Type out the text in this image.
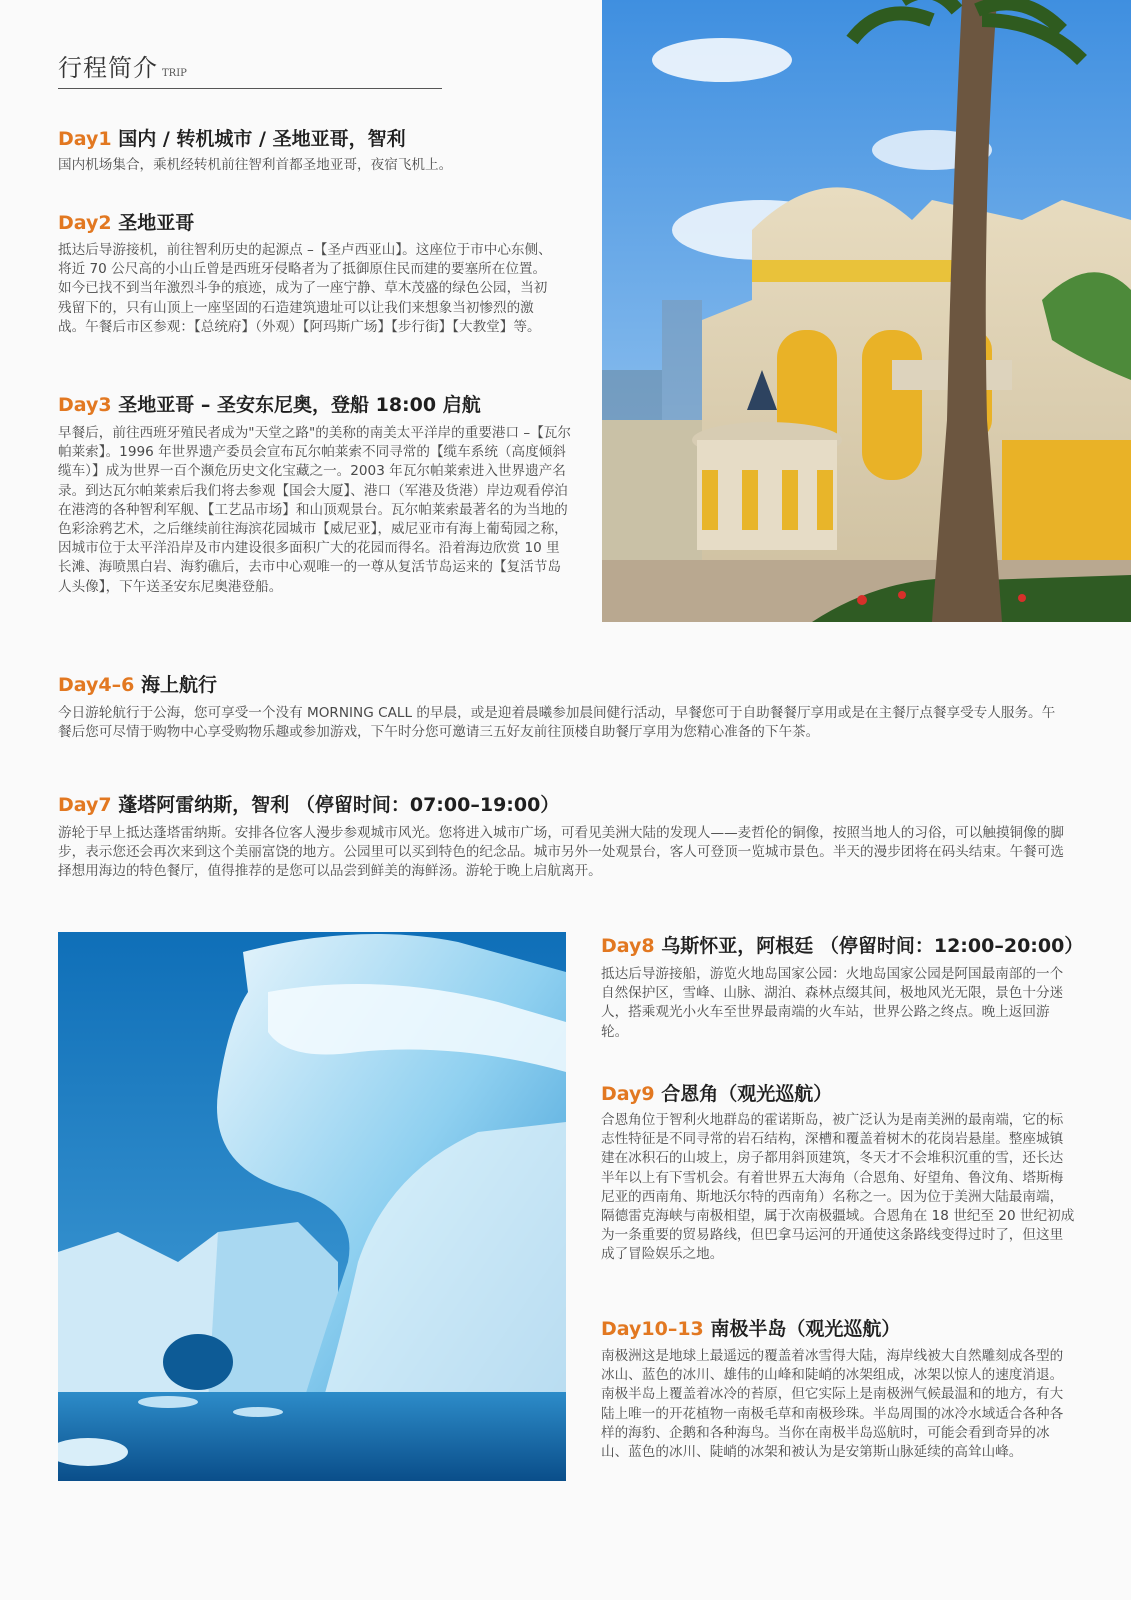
行程简介 TRIP
Day1 国内 / 转机城市 / 圣地亚哥，智利
国内机场集合，乘机经转机前往智利首都圣地亚哥，夜宿飞机上。
Day2 圣地亚哥
抵达后导游接机，前往智利历史的起源点 –【圣卢西亚山】。这座位于市中心东侧、将近 70 公尺高的小山丘曾是西班牙侵略者为了抵御原住民而建的要塞所在位置。如今已找不到当年激烈斗争的痕迹，成为了一座宁静、草木茂盛的绿色公园，当初残留下的，只有山顶上一座坚固的石造建筑遗址可以让我们来想象当初惨烈的激战。午餐后市区参观：【总统府】（外观）【阿玛斯广场】【步行街】【大教堂】等。
Day3 圣地亚哥 – 圣安东尼奥，登船 18:00 启航
早餐后，前往西班牙殖民者成为"天堂之路"的美称的南美太平洋岸的重要港口 –【瓦尔帕莱索】。1996 年世界遗产委员会宣布瓦尔帕莱索不同寻常的【缆车系统（高度倾斜缆车）】成为世界一百个濒危历史文化宝藏之一。2003 年瓦尔帕莱索进入世界遗产名录。到达瓦尔帕莱索后我们将去参观【国会大厦】、港口（军港及货港）岸边观看停泊在港湾的各种智利军舰、【工艺品市场】和山顶观景台。瓦尔帕莱索最著名的为当地的色彩涂鸦艺术，之后继续前往海滨花园城市【威尼亚】，威尼亚市有海上葡萄园之称，因城市位于太平洋沿岸及市内建设很多面积广大的花园而得名。沿着海边欣赏 10 里长滩、海喷黑白岩、海豹礁后，去市中心观唯一的一尊从复活节岛运来的【复活节岛人头像】，下午送圣安东尼奥港登船。
Day4–6 海上航行
今日游轮航行于公海，您可享受一个没有 MORNING CALL 的早晨，或是迎着晨曦参加晨间健行活动，早餐您可于自助餐餐厅享用或是在主餐厅点餐享受专人服务。午餐后您可尽情于购物中心享受购物乐趣或参加游戏，下午时分您可邀请三五好友前往顶楼自助餐厅享用为您精心准备的下午茶。
Day7 蓬塔阿雷纳斯，智利 （停留时间：07:00–19:00）
游轮于早上抵达蓬塔雷纳斯。安排各位客人漫步参观城市风光。您将进入城市广场，可看见美洲大陆的发现人——麦哲伦的铜像，按照当地人的习俗，可以触摸铜像的脚步，表示您还会再次来到这个美丽富饶的地方。公园里可以买到特色的纪念品。城市另外一处观景台，客人可登顶一览城市景色。半天的漫步团将在码头结束。午餐可选择想用海边的特色餐厅，值得推荐的是您可以品尝到鲜美的海鲜汤。游轮于晚上启航离开。
Day8 乌斯怀亚，阿根廷 （停留时间：12:00–20:00）
抵达后导游接船，游览火地岛国家公园：火地岛国家公园是阿国最南部的一个自然保护区，雪峰、山脉、湖泊、森林点缀其间，极地风光无限，景色十分迷人，搭乘观光小火车至世界最南端的火车站，世界公路之终点。晚上返回游轮。
Day9 合恩角（观光巡航）
合恩角位于智利火地群岛的霍诺斯岛，被广泛认为是南美洲的最南端，它的标志性特征是不同寻常的岩石结构，深槽和覆盖着树木的花岗岩悬崖。整座城镇建在冰积石的山坡上，房子都用斜顶建筑，冬天才不会堆积沉重的雪，还长达半年以上有下雪机会。有着世界五大海角（合恩角、好望角、鲁汶角、塔斯梅尼亚的西南角、斯地沃尔特的西南角）名称之一。因为位于美洲大陆最南端，隔德雷克海峡与南极相望，属于次南极疆域。合恩角在 18 世纪至 20 世纪初成为一条重要的贸易路线，但巴拿马运河的开通使这条路线变得过时了，但这里成了冒险娱乐之地。
Day10–13 南极半岛（观光巡航）
南极洲这是地球上最遥远的覆盖着冰雪得大陆，海岸线被大自然雕刻成各型的冰山、蓝色的冰川、雄伟的山峰和陡峭的冰架组成，冰架以惊人的速度消退。南极半岛上覆盖着冰冷的苔原，但它实际上是南极洲气候最温和的地方，有大陆上唯一的开花植物一南极毛草和南极珍珠。半岛周围的冰冷水域适合各种各样的海豹、企鹅和各种海鸟。当你在南极半岛巡航时，可能会看到奇异的冰山、蓝色的冰川、陡峭的冰架和被认为是安第斯山脉延续的高耸山峰。
